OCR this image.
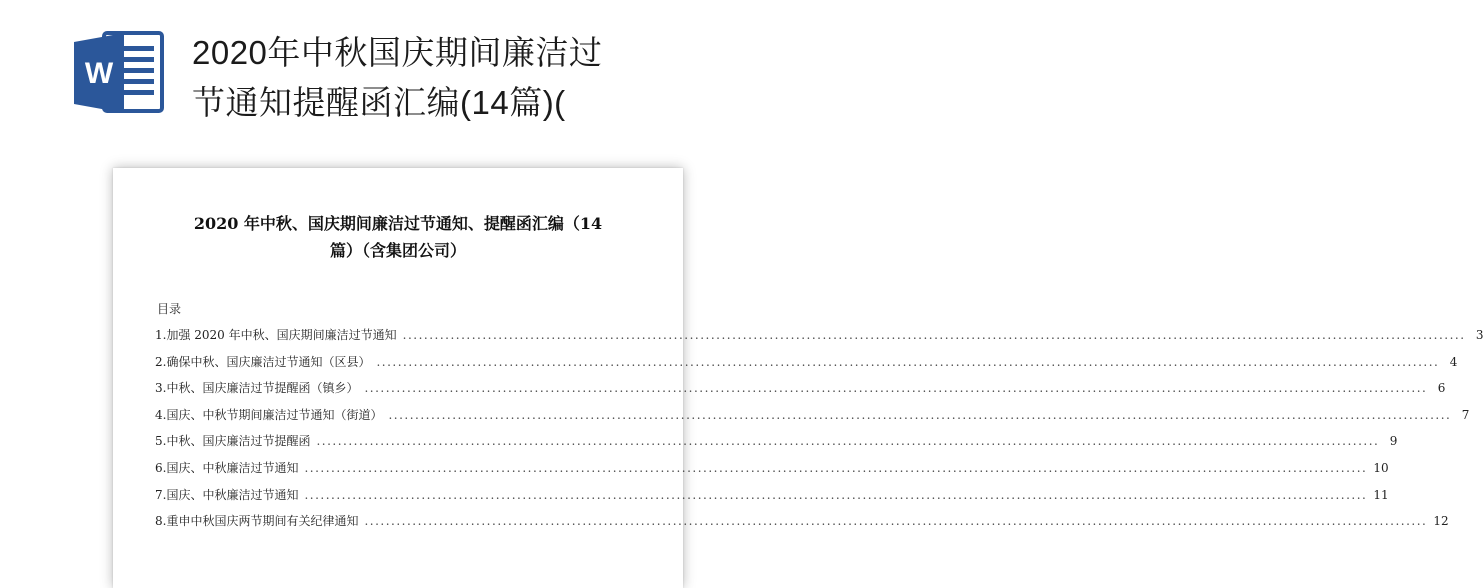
W
2020年中秋国庆期间廉洁过
节通知提醒函汇编(14篇)(
2020 年中秋、国庆期间廉洁过节通知、提醒函汇编（14
篇）（含集团公司）
目录
1.加强 2020 年中秋、国庆期间廉洁过节通知 ........................................................................................................................................................................................................ 3
2.确保中秋、国庆廉洁过节通知（区县） ........................................................................................................................................................................................................ 4
3.中秋、国庆廉洁过节提醒函（镇乡） ........................................................................................................................................................................................................ 6
4.国庆、中秋节期间廉洁过节通知（街道） ........................................................................................................................................................................................................ 7
5.中秋、国庆廉洁过节提醒函 ........................................................................................................................................................................................................ 9
6.国庆、中秋廉洁过节通知 ........................................................................................................................................................................................................ 10
7.国庆、中秋廉洁过节通知 ........................................................................................................................................................................................................ 11
8.重申中秋国庆两节期间有关纪律通知 ........................................................................................................................................................................................................ 12
